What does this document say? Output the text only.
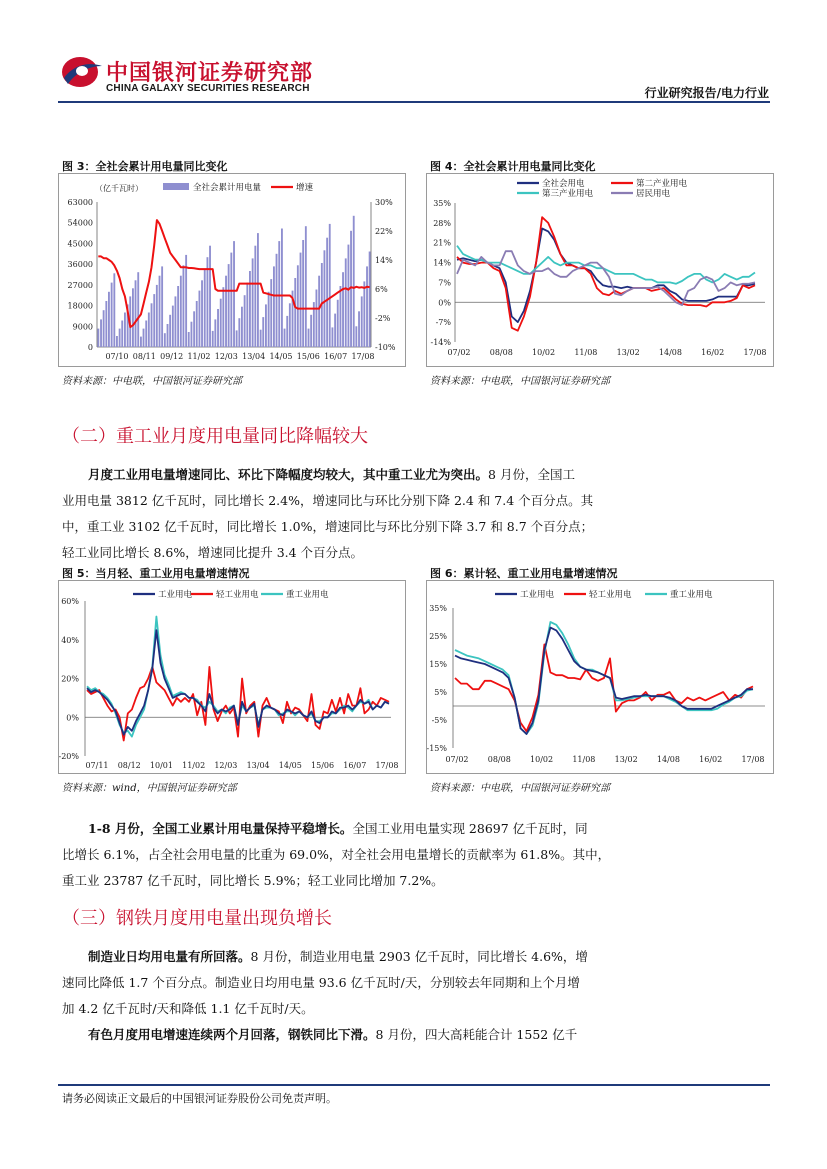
中国银河证券研究部
CHINA GALAXY SECURITIES RESEARCH	行业研究报告/电力行业
图 3：全社会累计用电量同比变化	图 4：全社会累计用电量同比变化
63000
54000
45000
36000
27000
18000
9000
0
30%
22%
14%
6%
-2%
-10%
07/10 08/11 09/12 11/02 12/03 13/04 14/05 15/06 16/07 17/08
（亿千瓦时）	全社会累计用电量	增速
35%
28%
21%
14%
7%
0%
-7%
-14%
07/02 08/08 10/02 11/08 13/02 14/08 16/02 17/08
全社会用电	第二产业用电
第三产业用电	居民用电
资料来源：中电联，中国银河证券研究部	资料来源：中电联，中国银河证券研究部
（二）重工业月度用电量同比降幅较大
月度工业用电量增速同比、环比下降幅度均较大，其中重工业尤为突出。8 月份，全国工
业用电量 3812 亿千瓦时，同比增长 2.4%，增速同比与环比分别下降 2.4 和 7.4 个百分点。其
中，重工业 3102 亿千瓦时，同比增长 1.0%，增速同比与环比分别下降 3.7 和 8.7 个百分点；
轻工业同比增长 8.6%，增速同比提升 3.4 个百分点。
图 5：当月轻、重工业用电量增速情况	图 6：累计轻、重工业用电量增速情况
60%
40%
20%
0%
-20%
07/11 08/12 10/01 11/02 12/03 13/04 14/05 15/06 16/07 17/08
工业用电	轻工业用电	重工业用电
35%
25%
15%
5%
-5%
-15%
07/02 08/08 10/02 11/08 13/02 14/08 16/02 17/08
工业用电	轻工业用电	重工业用电
资料来源：wind，中国银河证券研究部	资料来源：中电联，中国银河证券研究部
1-8 月份，全国工业累计用电量保持平稳增长。全国工业用电量实现 28697 亿千瓦时，同
比增长 6.1%，占全社会用电量的比重为 69.0%，对全社会用电量增长的贡献率为 61.8%。其中，
重工业 23787 亿千瓦时，同比增长 5.9%；轻工业同比增加 7.2%。
（三）钢铁月度用电量出现负增长
制造业日均用电量有所回落。8 月份，制造业用电量 2903 亿千瓦时，同比增长 4.6%，增
速同比降低 1.7 个百分点。制造业日均用电量 93.6 亿千瓦时/天，分别较去年同期和上个月增
加 4.2 亿千瓦时/天和降低 1.1 亿千瓦时/天。
有色月度用电增速连续两个月回落，钢铁同比下滑。8 月份，四大高耗能合计 1552 亿千
请务必阅读正文最后的中国银河证券股份公司免责声明。
